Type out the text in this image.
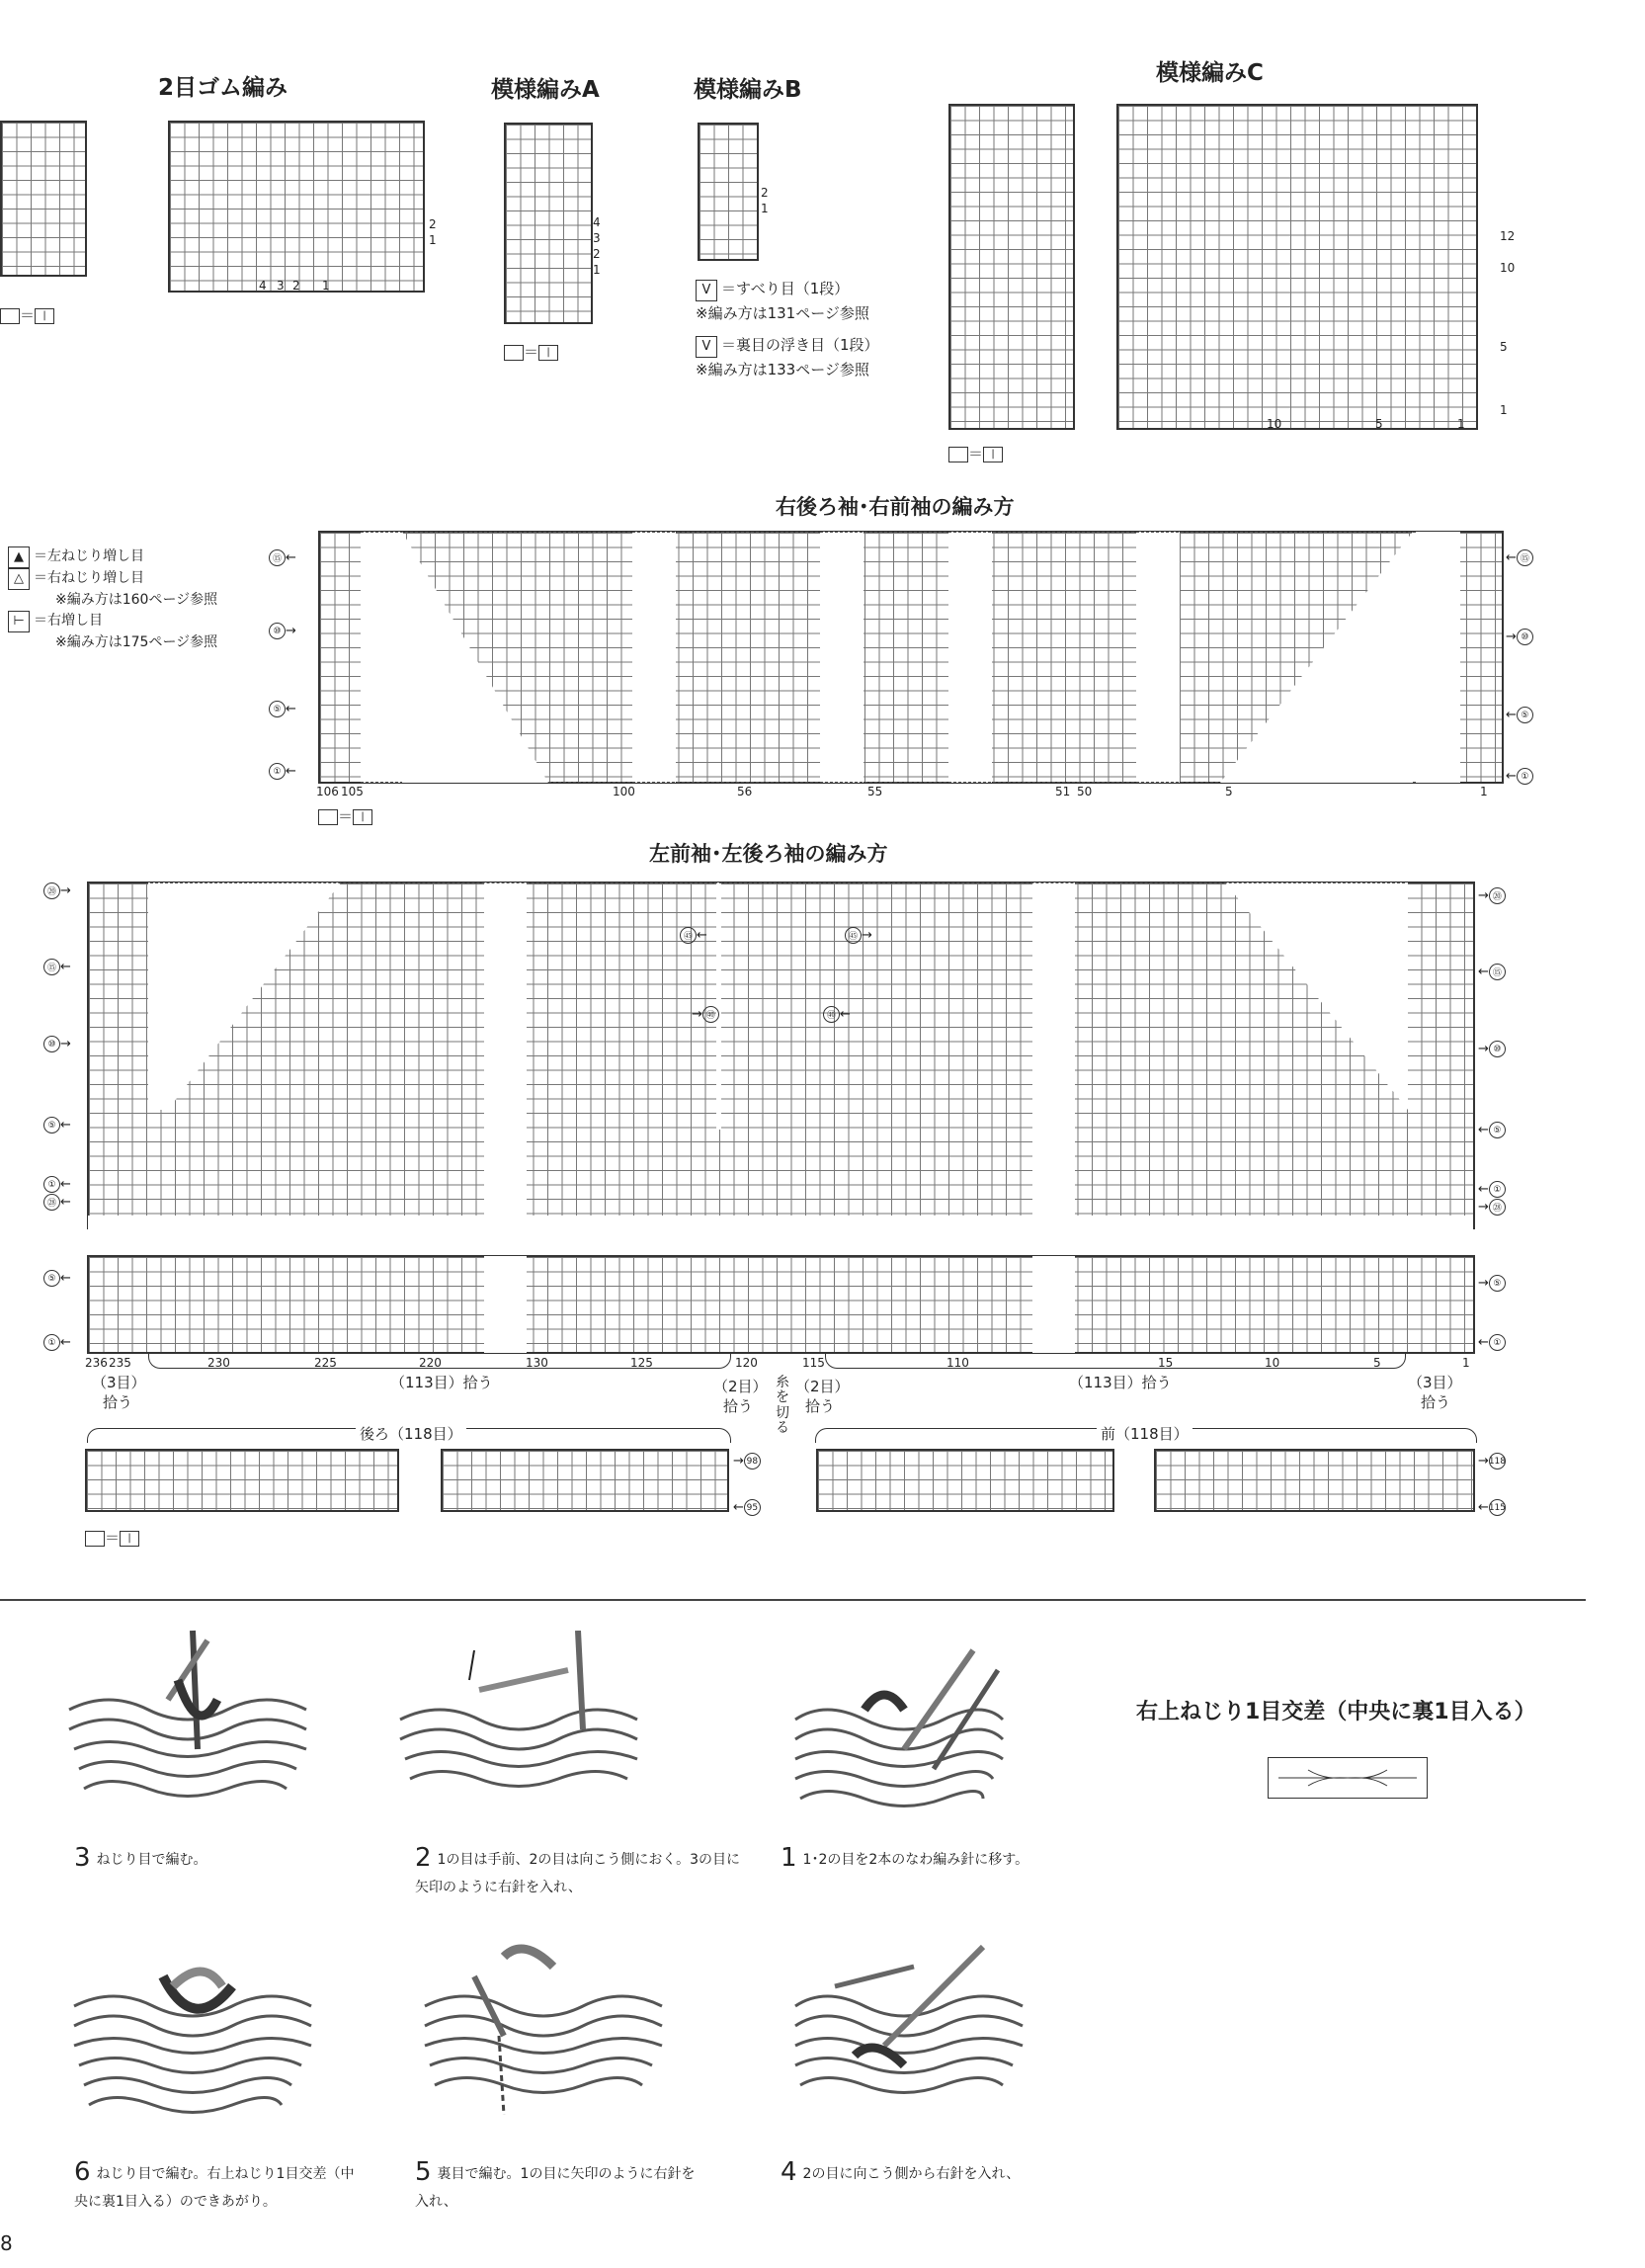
2目ゴム編み	模様編みA	模様編みB
模様編みC
4 3 2 1
2
1
＝ |
4
3
2
1
＝ |
2
1
V ＝すべり目（1段）
※編み方は131ページ参照
V ＝裏目の浮き目（1段）
※編み方は133ページ参照
10	5	1
12
10
5
1
＝ |
右後ろ袖･右前袖の編み方
▲ ＝左ねじり増し目
△ ＝右ねじり増し目
※編み方は160ページ参照
⊢ ＝右増し目
※編み方は175ページ参照
⑮ ←
⑩ →
⑤ ←
① ←
← ⑮
→ ⑩
← ⑤
← ①
106 105	100	56	55	51 50	5	1
＝ |
左前袖･左後ろ袖の編み方
⑳ →
⑮ ←
⑩ →
⑤ ←
① ←
㉘ ←
→ ⑳
← ⑮
→ ⑩
← ⑤
← ①
→ ㉘
㊺ ←
→ ㊵
㊺ →
㊵ ←
⑤ ←
① ←
→ ⑤
← ①
236 235	230	225	220	130	125	120	115	110	15	10	5	1
（3目）
拾う
（113目）拾う	（2目）
拾う
（2目）
拾う
（113目）拾う	（3目）
拾う
糸を切る
後ろ（118目）	前（118目）
→ 98
← 95
→ 118
← 115
＝ |
右上ねじり1目交差（中央に裏1目入る）
3 ねじり目で編む。	2 1の目は手前、2の目は向こう側におく。3の目に矢印のように右針を入れ、
1 1･2の目を2本のなわ編み針に移す。
6 ねじり目で編む。右上ねじり1目交差（中央に裏1目入る）のできあがり。
5 裏目で編む。1の目に矢印のように右針を入れ、
4 2の目に向こう側から右針を入れ、
8
